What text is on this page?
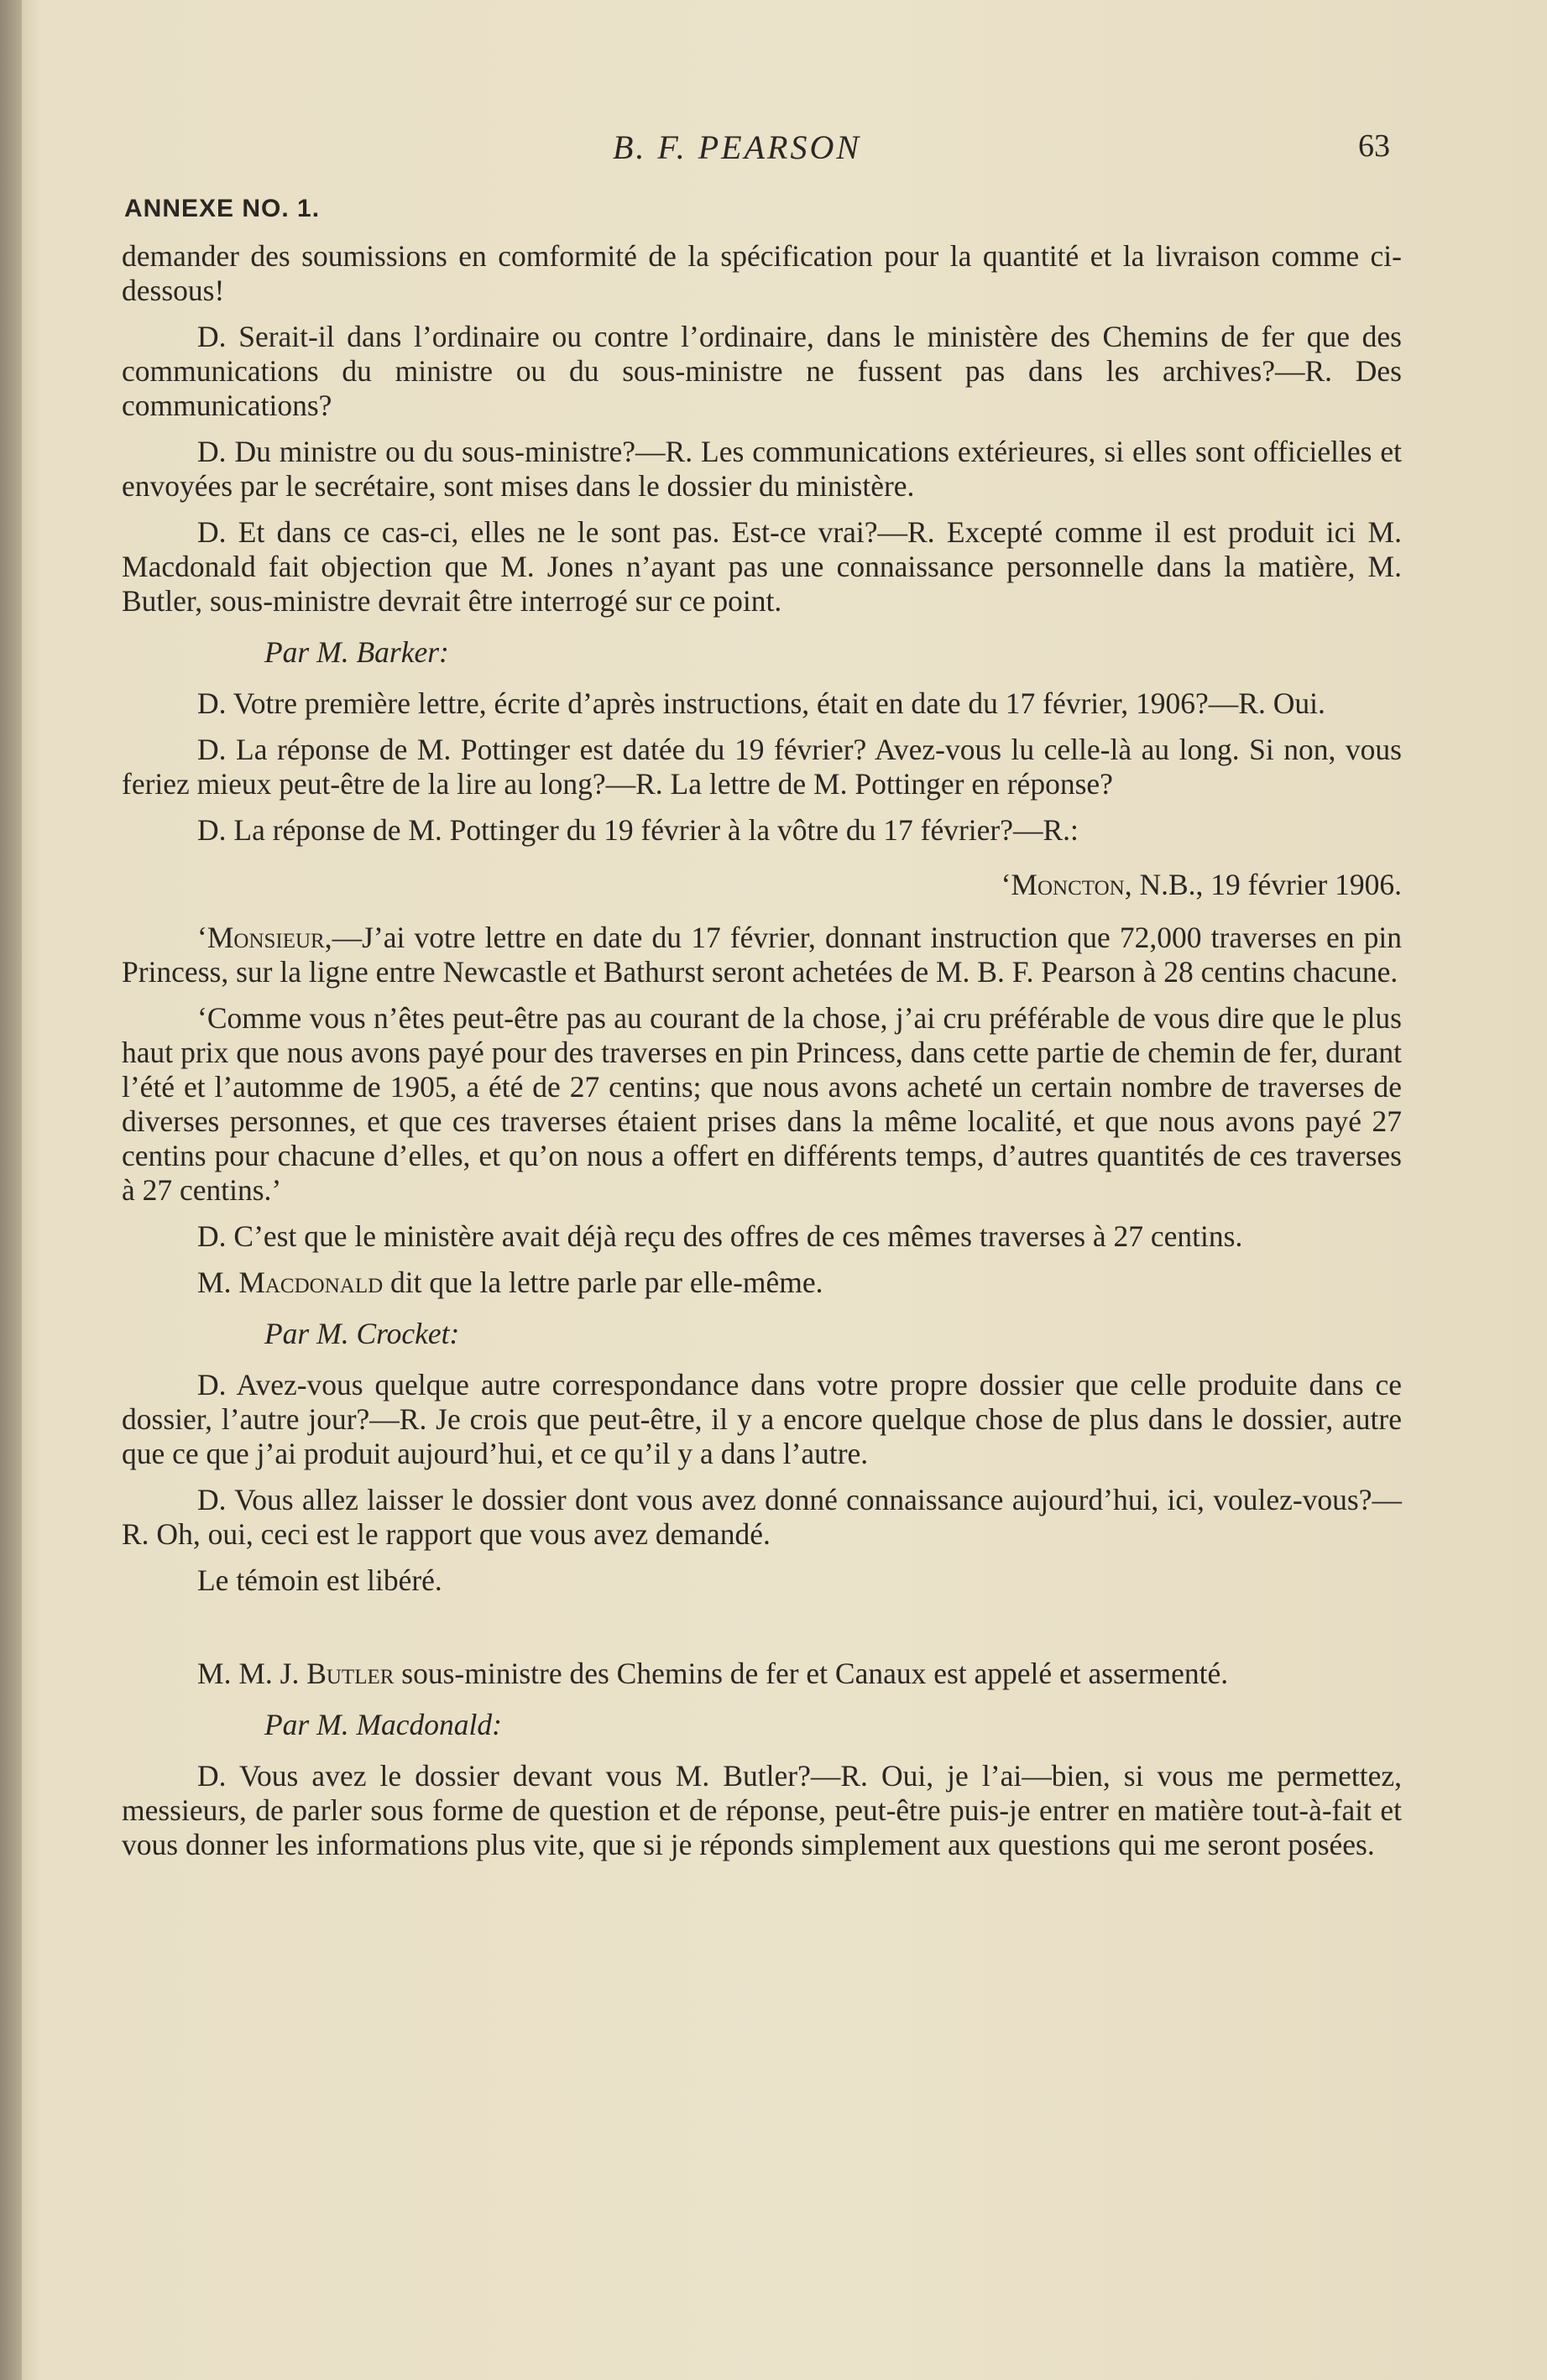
B. F. PEARSON	63
ANNEXE NO. 1.

demander des soumissions en comformité de la spécification pour la quantité et la livraison comme ci-dessous!

D. Serait-il dans l’ordinaire ou contre l’ordinaire, dans le ministère des Chemins de fer que des communications du ministre ou du sous-ministre ne fussent pas dans les archives?—R. Des communications?

D. Du ministre ou du sous-ministre?—R. Les communications extérieures, si elles sont officielles et envoyées par le secrétaire, sont mises dans le dossier du ministère.

D. Et dans ce cas-ci, elles ne le sont pas. Est-ce vrai?—R. Excepté comme il est produit ici M. Macdonald fait objection que M. Jones n’ayant pas une connaissance personnelle dans la matière, M. Butler, sous-ministre devrait être interrogé sur ce point.

Par M. Barker:

D. Votre première lettre, écrite d’après instructions, était en date du 17 février, 1906?—R. Oui.

D. La réponse de M. Pottinger est datée du 19 février? Avez-vous lu celle-là au long. Si non, vous feriez mieux peut-être de la lire au long?—R. La lettre de M. Pottinger en réponse?

D. La réponse de M. Pottinger du 19 février à la vôtre du 17 février?—R.:

‘Moncton, N.B., 19 février 1906.

‘Monsieur,—J’ai votre lettre en date du 17 février, donnant instruction que 72,000 traverses en pin Princess, sur la ligne entre Newcastle et Bathurst seront achetées de M. B. F. Pearson à 28 centins chacune.

‘Comme vous n’êtes peut-être pas au courant de la chose, j’ai cru préférable de vous dire que le plus haut prix que nous avons payé pour des traverses en pin Princess, dans cette partie de chemin de fer, durant l’été et l’automme de 1905, a été de 27 centins; que nous avons acheté un certain nombre de traverses de diverses personnes, et que ces traverses étaient prises dans la même localité, et que nous avons payé 27 centins pour chacune d’elles, et qu’on nous a offert en différents temps, d’autres quantités de ces traverses à 27 centins.’

D. C’est que le ministère avait déjà reçu des offres de ces mêmes traverses à 27 centins.

M. Macdonald dit que la lettre parle par elle-même.

Par M. Crocket:

D. Avez-vous quelque autre correspondance dans votre propre dossier que celle produite dans ce dossier, l’autre jour?—R. Je crois que peut-être, il y a encore quelque chose de plus dans le dossier, autre que ce que j’ai produit aujourd’hui, et ce qu’il y a dans l’autre.

D. Vous allez laisser le dossier dont vous avez donné connaissance aujourd’hui, ici, voulez-vous?—R. Oh, oui, ceci est le rapport que vous avez demandé.

Le témoin est libéré.

M. M. J. Butler sous-ministre des Chemins de fer et Canaux est appelé et assermenté.

Par M. Macdonald:

D. Vous avez le dossier devant vous M. Butler?—R. Oui, je l’ai—bien, si vous me permettez, messieurs, de parler sous forme de question et de réponse, peut-être puis-je entrer en matière tout-à-fait et vous donner les informations plus vite, que si je réponds simplement aux questions qui me seront posées.
